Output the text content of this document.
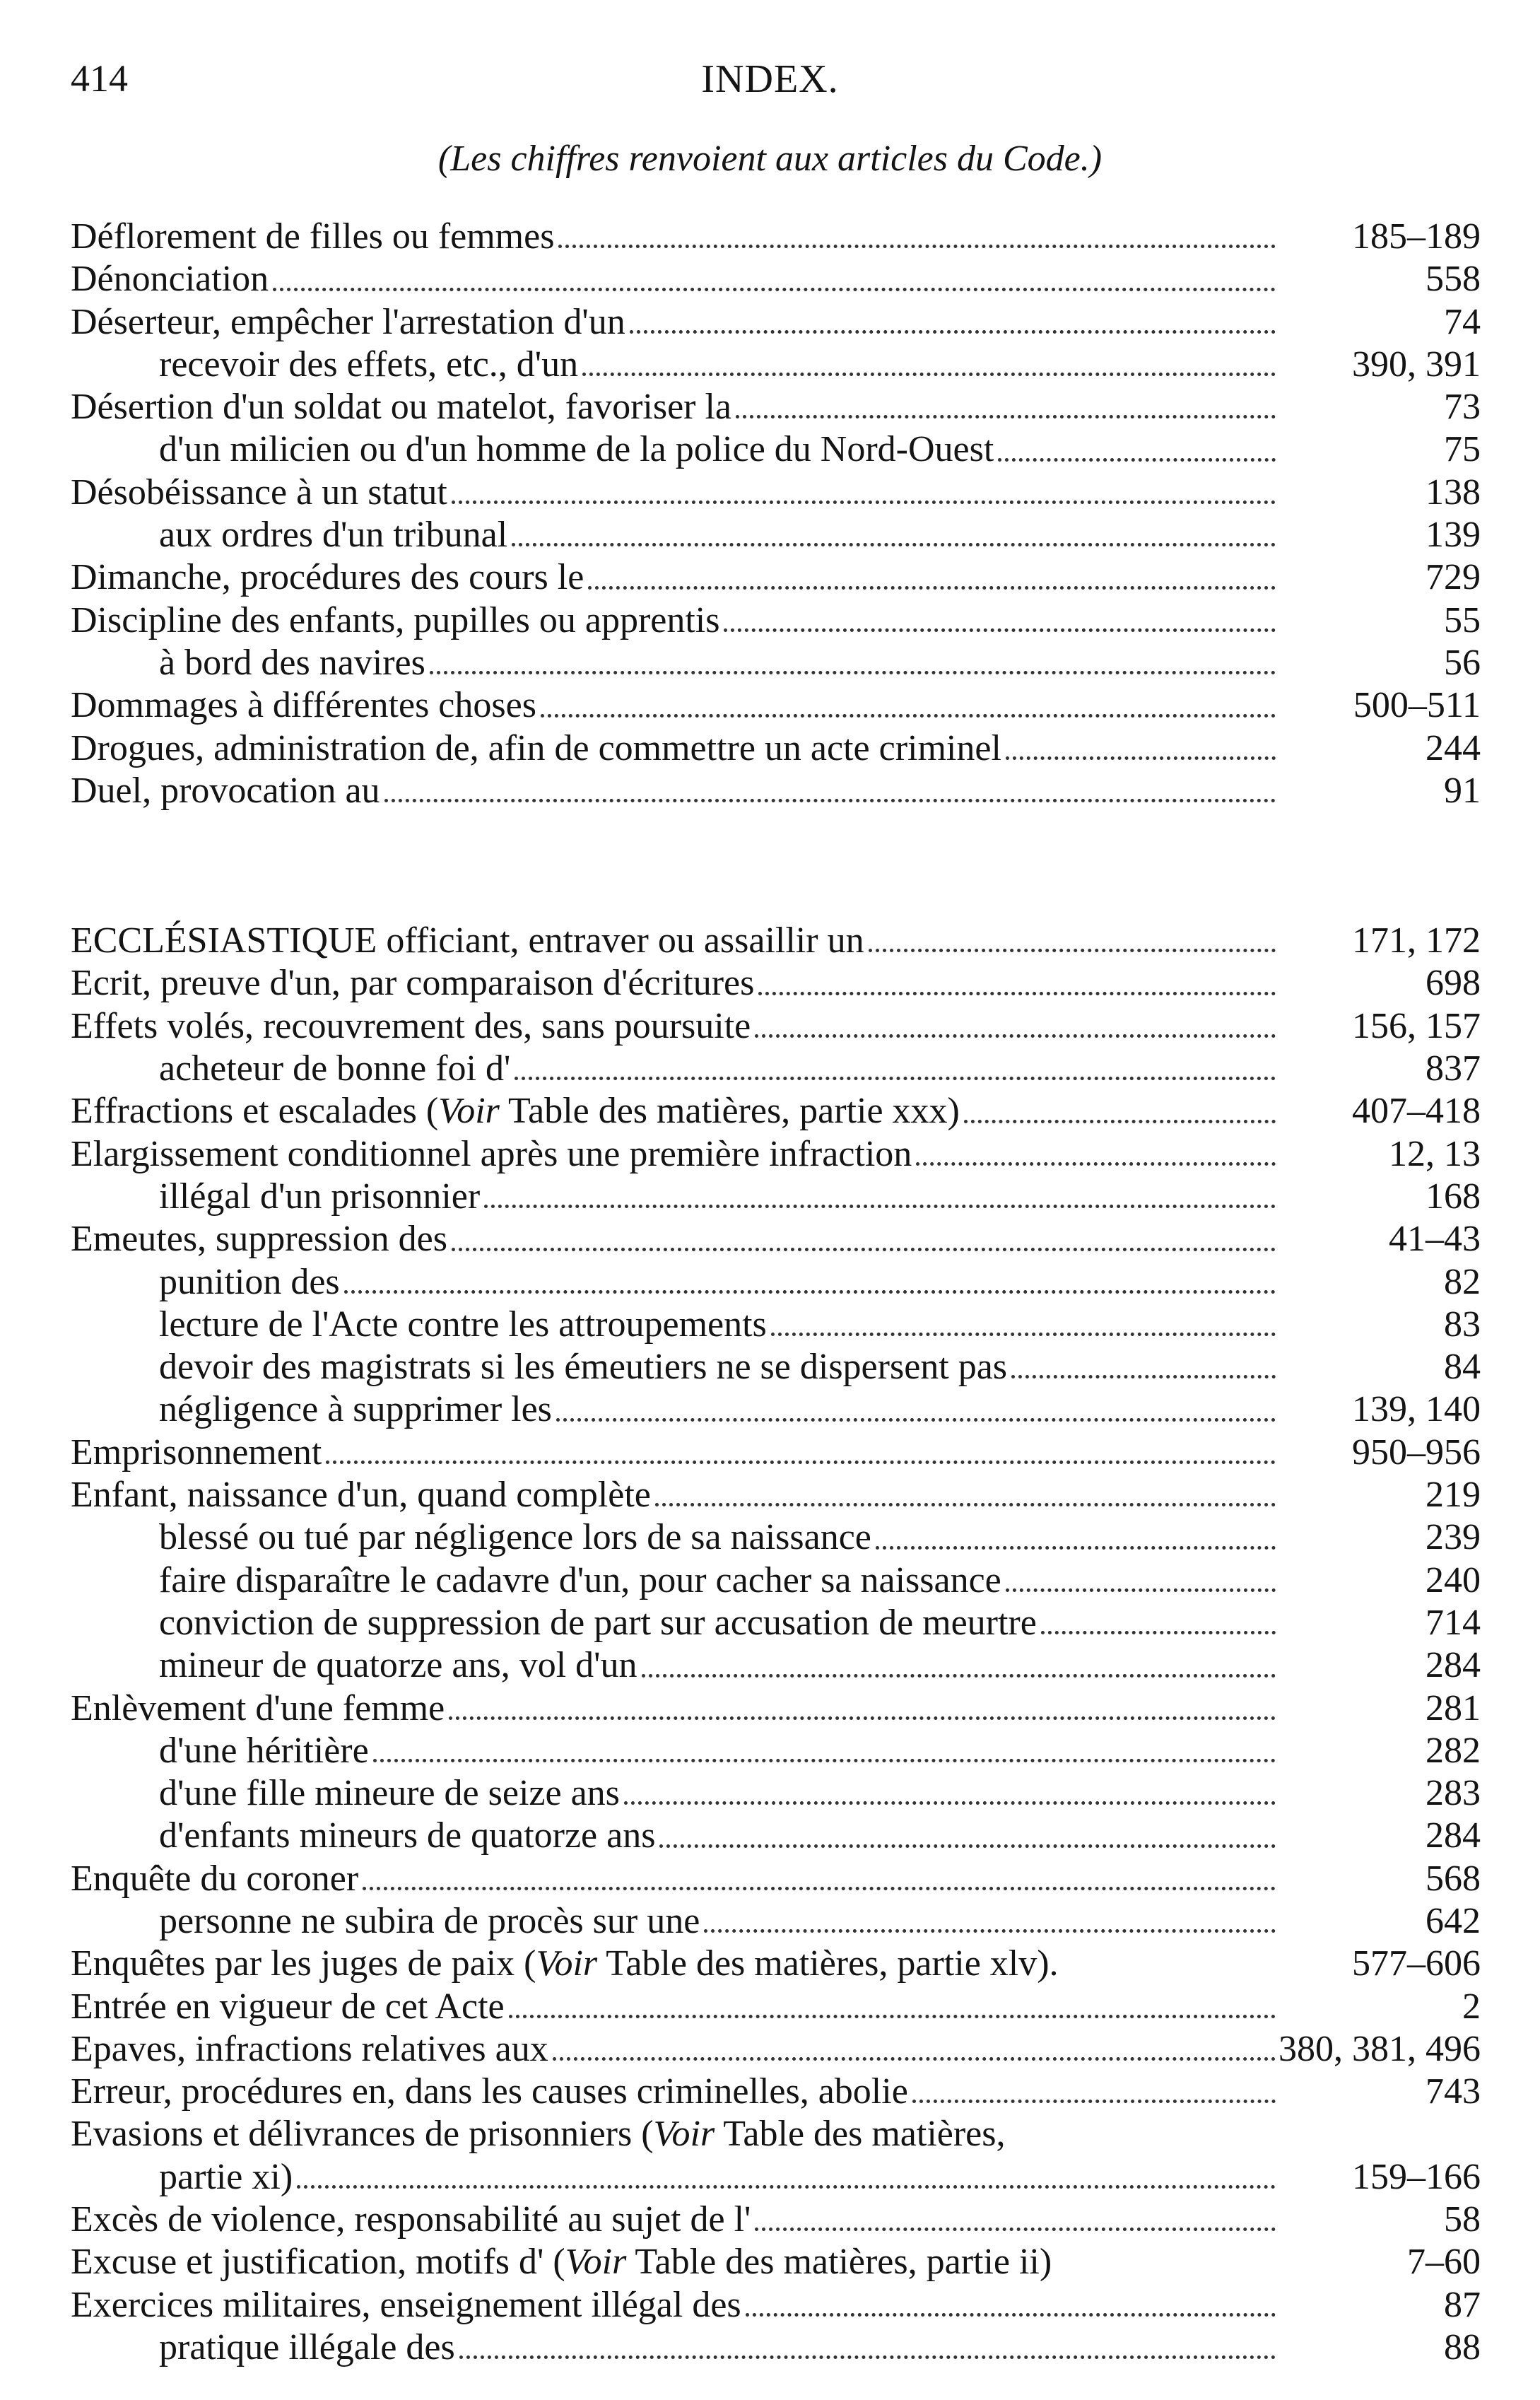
414	INDEX.
(Les chiffres renvoient aux articles du Code.)
Déflorement de filles ou femmes	185–189
Dénonciation	558
Déserteur, empêcher l'arrestation d'un	74
recevoir des effets, etc., d'un	390, 391
Désertion d'un soldat ou matelot, favoriser la	73
d'un milicien ou d'un homme de la police du Nord-Ouest	75
Désobéissance à un statut	138
aux ordres d'un tribunal	139
Dimanche, procédures des cours le	729
Discipline des enfants, pupilles ou apprentis	55
à bord des navires	56
Dommages à différentes choses	500–511
Drogues, administration de, afin de commettre un acte criminel	244
Duel, provocation au	91
ECCLÉSIASTIQUE officiant, entraver ou assaillir un	171, 172
Ecrit, preuve d'un, par comparaison d'écritures	698
Effets volés, recouvrement des, sans poursuite	156, 157
acheteur de bonne foi d'	837
Effractions et escalades (Voir Table des matières, partie xxx)	407–418
Elargissement conditionnel après une première infraction	12, 13
illégal d'un prisonnier	168
Emeutes, suppression des	41–43
punition des	82
lecture de l'Acte contre les attroupements	83
devoir des magistrats si les émeutiers ne se dispersent pas	84
négligence à supprimer les	139, 140
Emprisonnement	950–956
Enfant, naissance d'un, quand complète	219
blessé ou tué par négligence lors de sa naissance	239
faire disparaître le cadavre d'un, pour cacher sa naissance	240
conviction de suppression de part sur accusation de meurtre	714
mineur de quatorze ans, vol d'un	284
Enlèvement d'une femme	281
d'une héritière	282
d'une fille mineure de seize ans	283
d'enfants mineurs de quatorze ans	284
Enquête du coroner	568
personne ne subira de procès sur une	642
Enquêtes par les juges de paix (Voir Table des matières, partie xlv).	577–606
Entrée en vigueur de cet Acte	2
Epaves, infractions relatives aux	380, 381, 496
Erreur, procédures en, dans les causes criminelles, abolie	743
Evasions et délivrances de prisonniers (Voir Table des matières,
partie xi)	159–166
Excès de violence, responsabilité au sujet de l'	58
Excuse et justification, motifs d' (Voir Table des matières, partie ii)	7–60
Exercices militaires, enseignement illégal des	87
pratique illégale des	88
